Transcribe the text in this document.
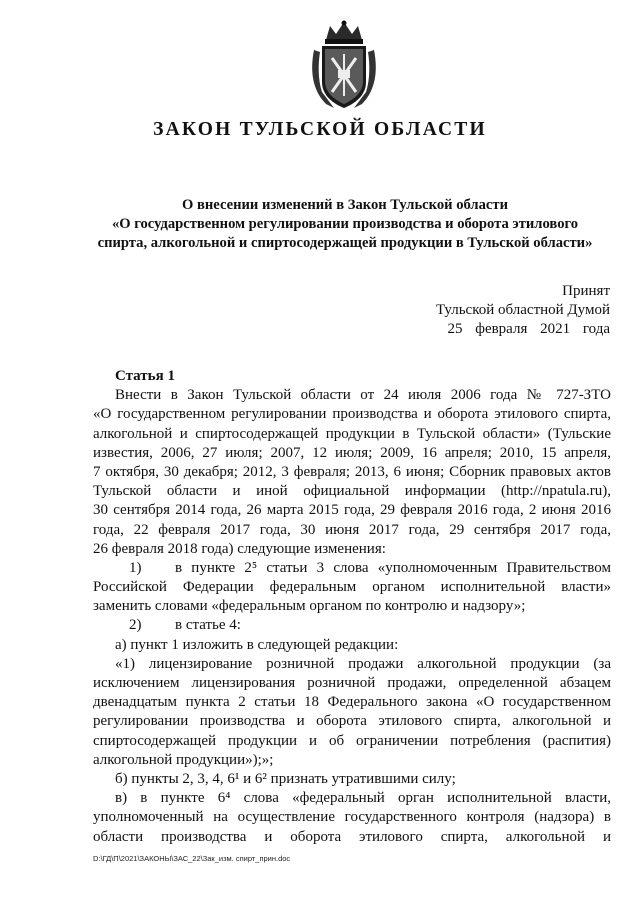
ЗАКОН ТУЛЬСКОЙ ОБЛАСТИ
О внесении изменений в Закон Тульской области
«О государственном регулировании производства и оборота этилового
спирта, алкогольной и спиртосодержащей продукции в Тульской области»
Принят
Тульской областной Думой
25 февраля 2021 года
Статья 1
Внести в Закон Тульской области от 24 июля 2006 года № 727-ЗТО
«О государственном регулировании производства и оборота этилового спирта,
алкогольной и спиртосодержащей продукции в Тульской области» (Тульские
известия, 2006, 27 июля; 2007, 12 июля; 2009, 16 апреля; 2010, 15 апреля,
7 октября, 30 декабря; 2012, 3 февраля; 2013, 6 июня; Сборник правовых актов
Тульской области и иной официальной информации (http://npatula.ru),
30 сентября 2014 года, 26 марта 2015 года, 29 февраля 2016 года, 2 июня 2016
года, 22 февраля 2017 года, 30 июня 2017 года, 29 сентября 2017 года,
26 февраля 2018 года) следующие изменения:
1) в пункте 2⁵ статьи 3 слова «уполномоченным Правительством
Российской Федерации федеральным органом исполнительной власти»
заменить словами «федеральным органом по контролю и надзору»;
2) в статье 4:
а) пункт 1 изложить в следующей редакции:
«1) лицензирование розничной продажи алкогольной продукции (за
исключением лицензирования розничной продажи, определенной абзацем
двенадцатым пункта 2 статьи 18 Федерального закона «О государственном
регулировании производства и оборота этилового спирта, алкогольной и
спиртосодержащей продукции и об ограничении потребления (распития)
алкогольной продукции»);»;
б) пункты 2, 3, 4, 6¹ и 6² признать утратившими силу;
в) в пункте 6⁴ слова «федеральный орган исполнительной власти,
уполномоченный на осуществление государственного контроля (надзора) в
области производства и оборота этилового спирта, алкогольной и
D:\ГД\П\2021\ЗАКОНЫ\ЗАС_22\Зак_изм. спирт_прин.doc
